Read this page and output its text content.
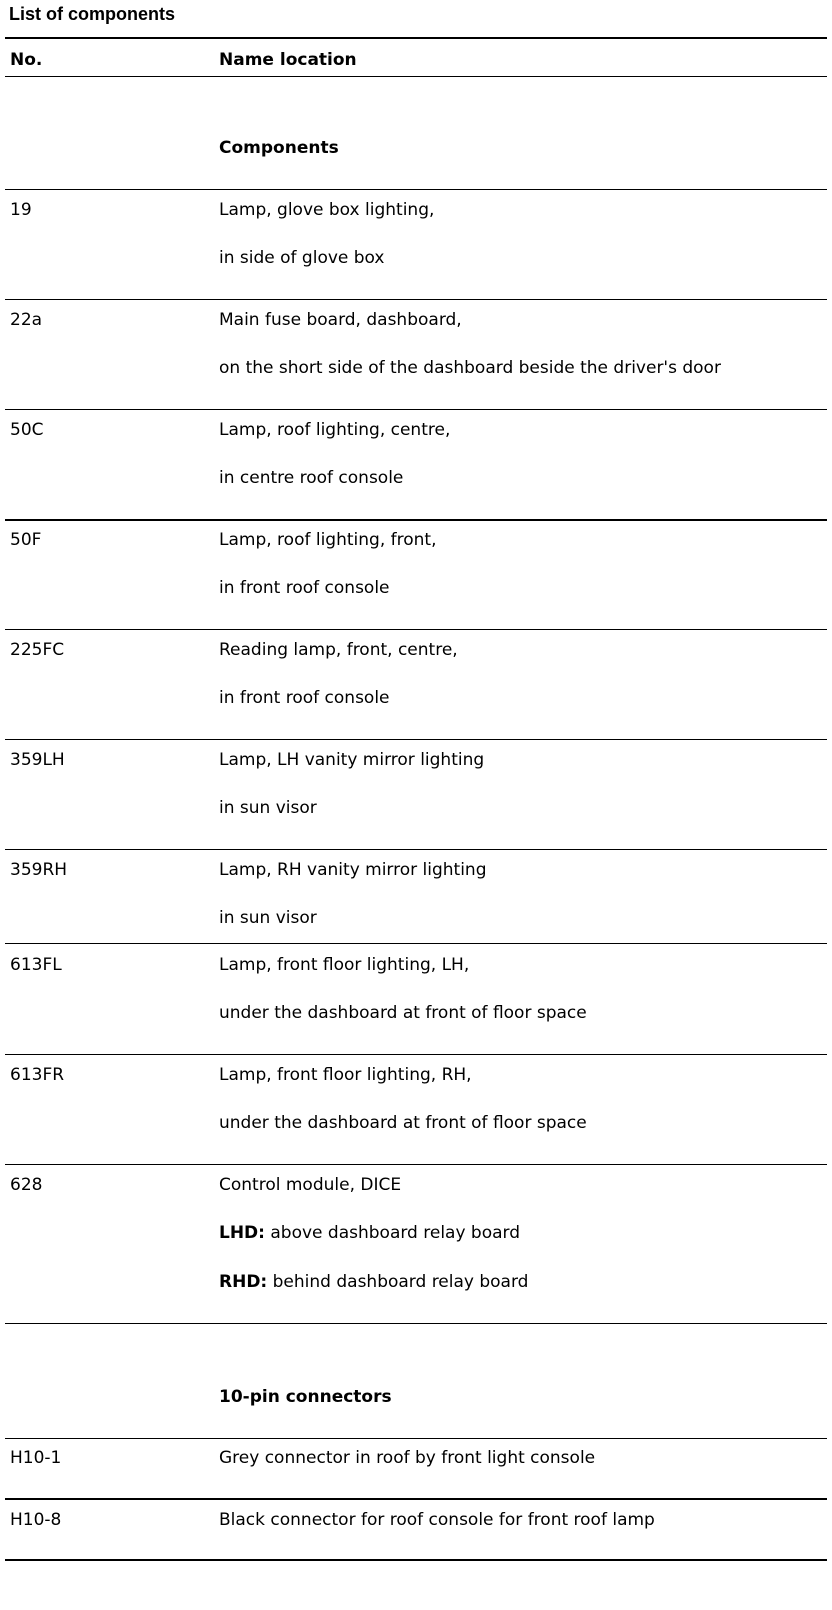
List of components
No.	Name location
Components
19	Lamp, glove box lighting,
in side of glove box
22a	Main fuse board, dashboard,
on the short side of the dashboard beside the driver's door
50C	Lamp, roof lighting, centre,
in centre roof console
50F	Lamp, roof lighting, front,
in front roof console
225FC	Reading lamp, front, centre,
in front roof console
359LH	Lamp, LH vanity mirror lighting
in sun visor
359RH	Lamp, RH vanity mirror lighting
in sun visor
613FL	Lamp, front floor lighting, LH,
under the dashboard at front of floor space
613FR	Lamp, front floor lighting, RH,
under the dashboard at front of floor space
628	Control module, DICE
LHD: above dashboard relay board
RHD: behind dashboard relay board
10-pin connectors
H10-1	Grey connector in roof by front light console
H10-8	Black connector for roof console for front roof lamp
